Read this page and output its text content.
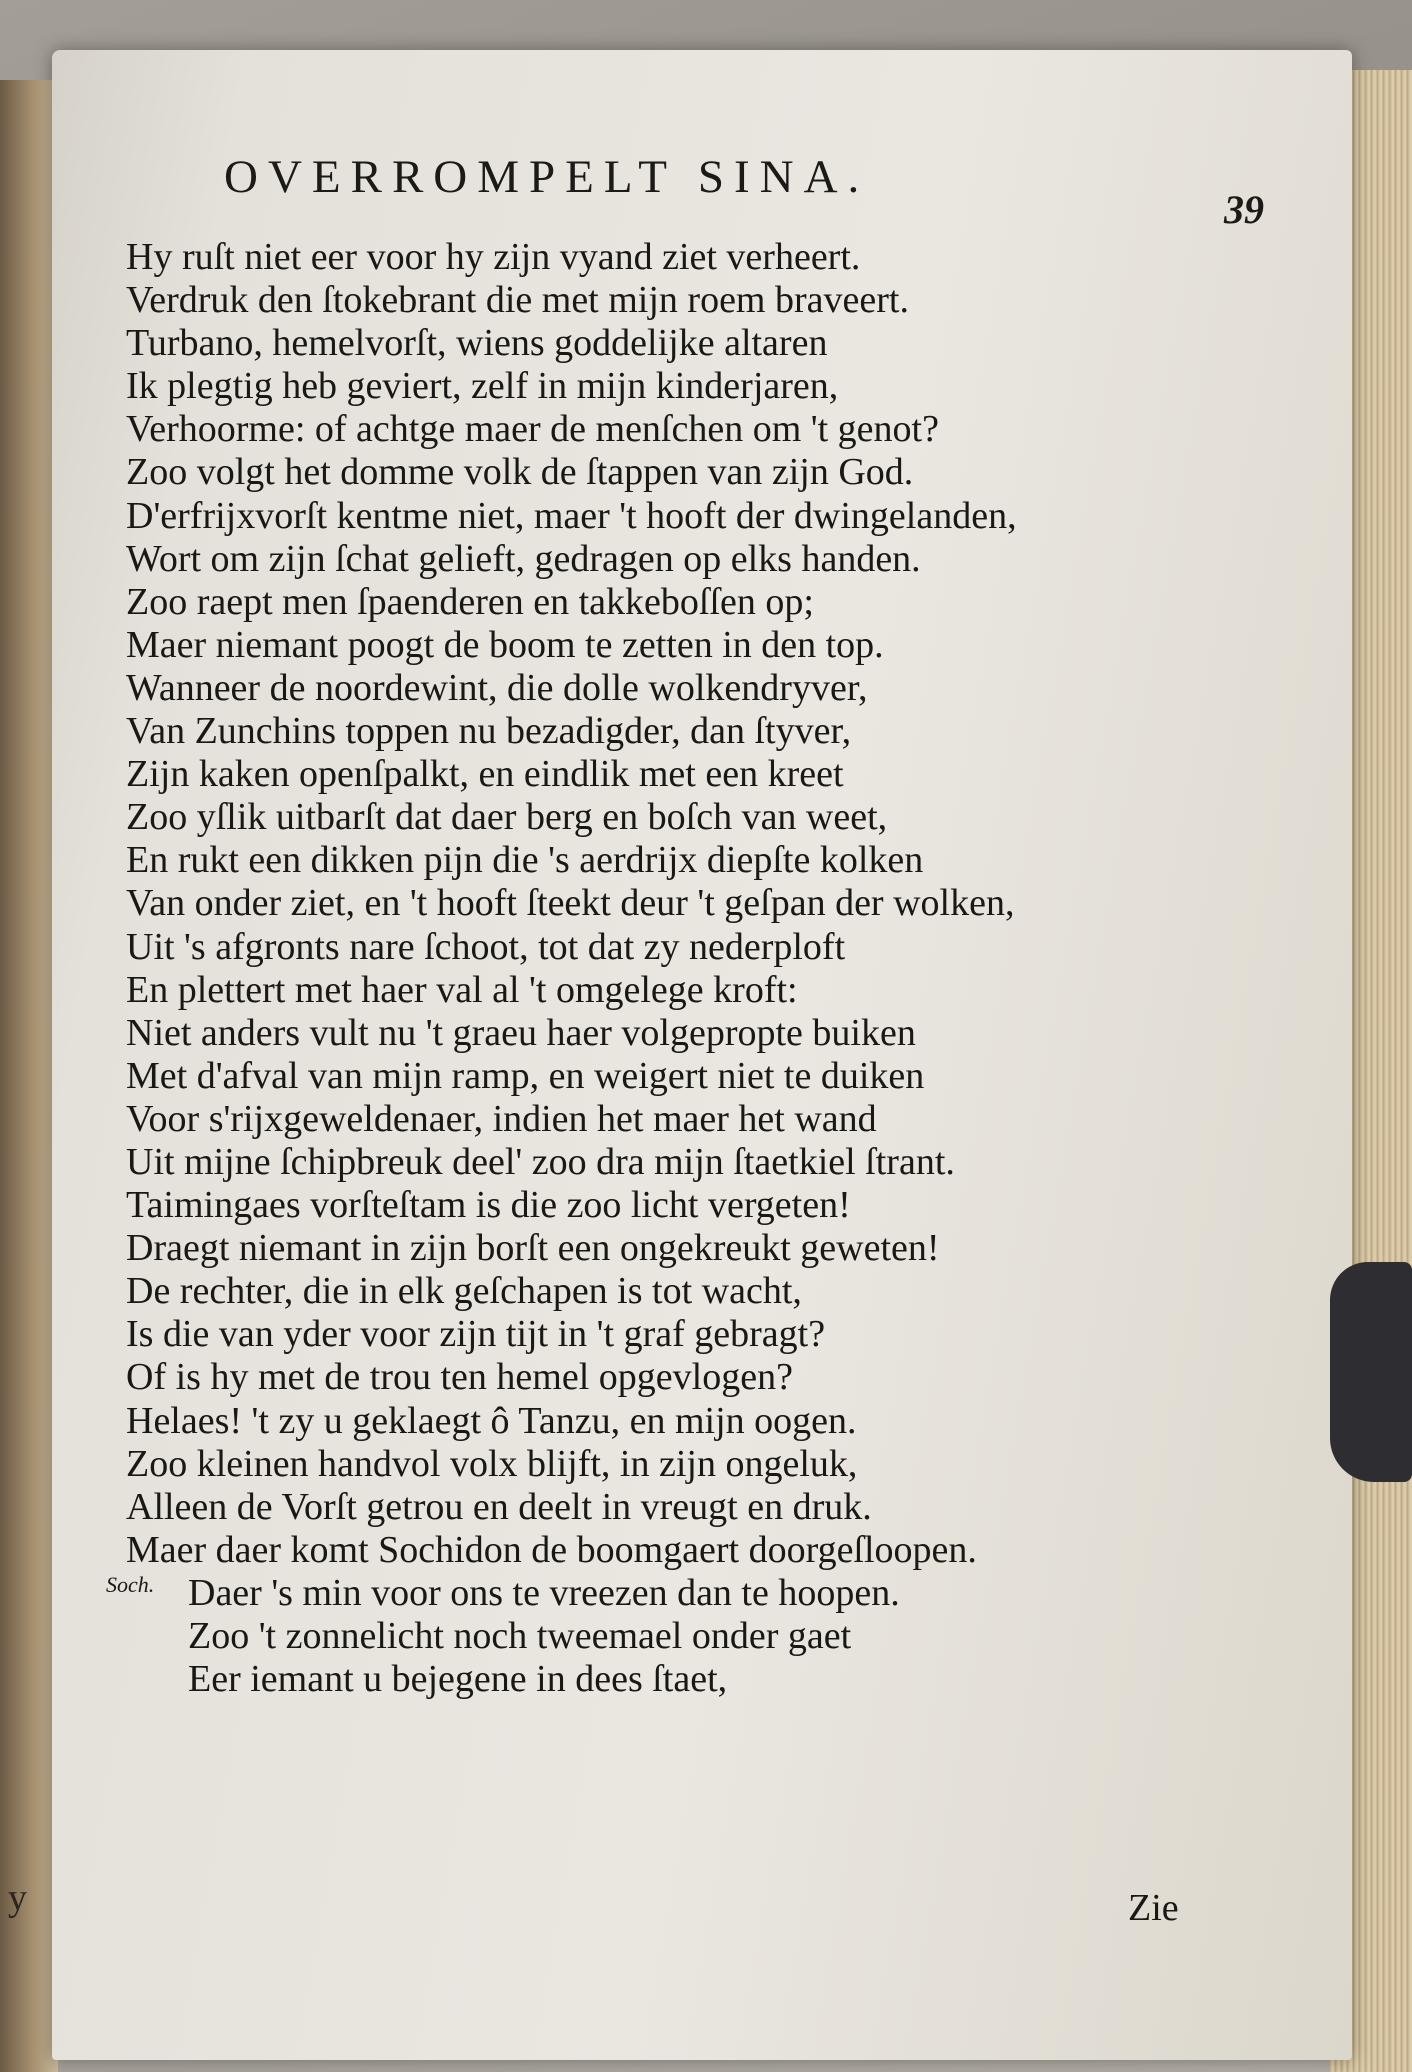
y
OVERROMPELT SINA.
39
Hy ruſt niet eer voor hy zijn vyand ziet verheert.
Verdruk den ſtokebrant die met mijn roem braveert.
Turbano, hemelvorſt, wiens goddelijke altaren
Ik plegtig heb geviert, zelf in mijn kinderjaren,
Verhoorme: of achtge maer de menſchen om 't genot?
Zoo volgt het domme volk de ſtappen van zijn God.
D'erfrijxvorſt kentme niet, maer 't hooft der dwingelanden,
Wort om zijn ſchat gelieft, gedragen op elks handen.
Zoo raept men ſpaenderen en takkeboſſen op;
Maer niemant poogt de boom te zetten in den top.
Wanneer de noordewint, die dolle wolkendryver,
Van Zunchins toppen nu bezadigder, dan ſtyver,
Zijn kaken openſpalkt, en eindlik met een kreet
Zoo yſlik uitbarſt dat daer berg en boſch van weet,
En rukt een dikken pijn die 's aerdrijx diepſte kolken
Van onder ziet, en 't hooft ſteekt deur 't geſpan der wolken,
Uit 's afgronts nare ſchoot, tot dat zy nederploft
En plettert met haer val al 't omgelege kroft:
Niet anders vult nu 't graeu haer volgepropte buiken
Met d'afval van mijn ramp, en weigert niet te duiken
Voor s'rijxgeweldenaer, indien het maer het wand
Uit mijne ſchipbreuk deel' zoo dra mijn ſtaetkiel ſtrant.
Taimingaes vorſteſtam is die zoo licht vergeten!
Draegt niemant in zijn borſt een ongekreukt geweten!
De rechter, die in elk geſchapen is tot wacht,
Is die van yder voor zijn tijt in 't graf gebragt?
Of is hy met de trou ten hemel opgevlogen?
Helaes! 't zy u geklaegt ô Tanzu, en mijn oogen.
Zoo kleinen handvol volx blijft, in zijn ongeluk,
Alleen de Vorſt getrou en deelt in vreugt en druk.
Maer daer komt Sochidon de boomgaert doorgeſloopen.
Soch. Daer 's min voor ons te vreezen dan te hoopen.
Zoo 't zonnelicht noch tweemael onder gaet
Eer iemant u bejegene in dees ſtaet,
Zie
